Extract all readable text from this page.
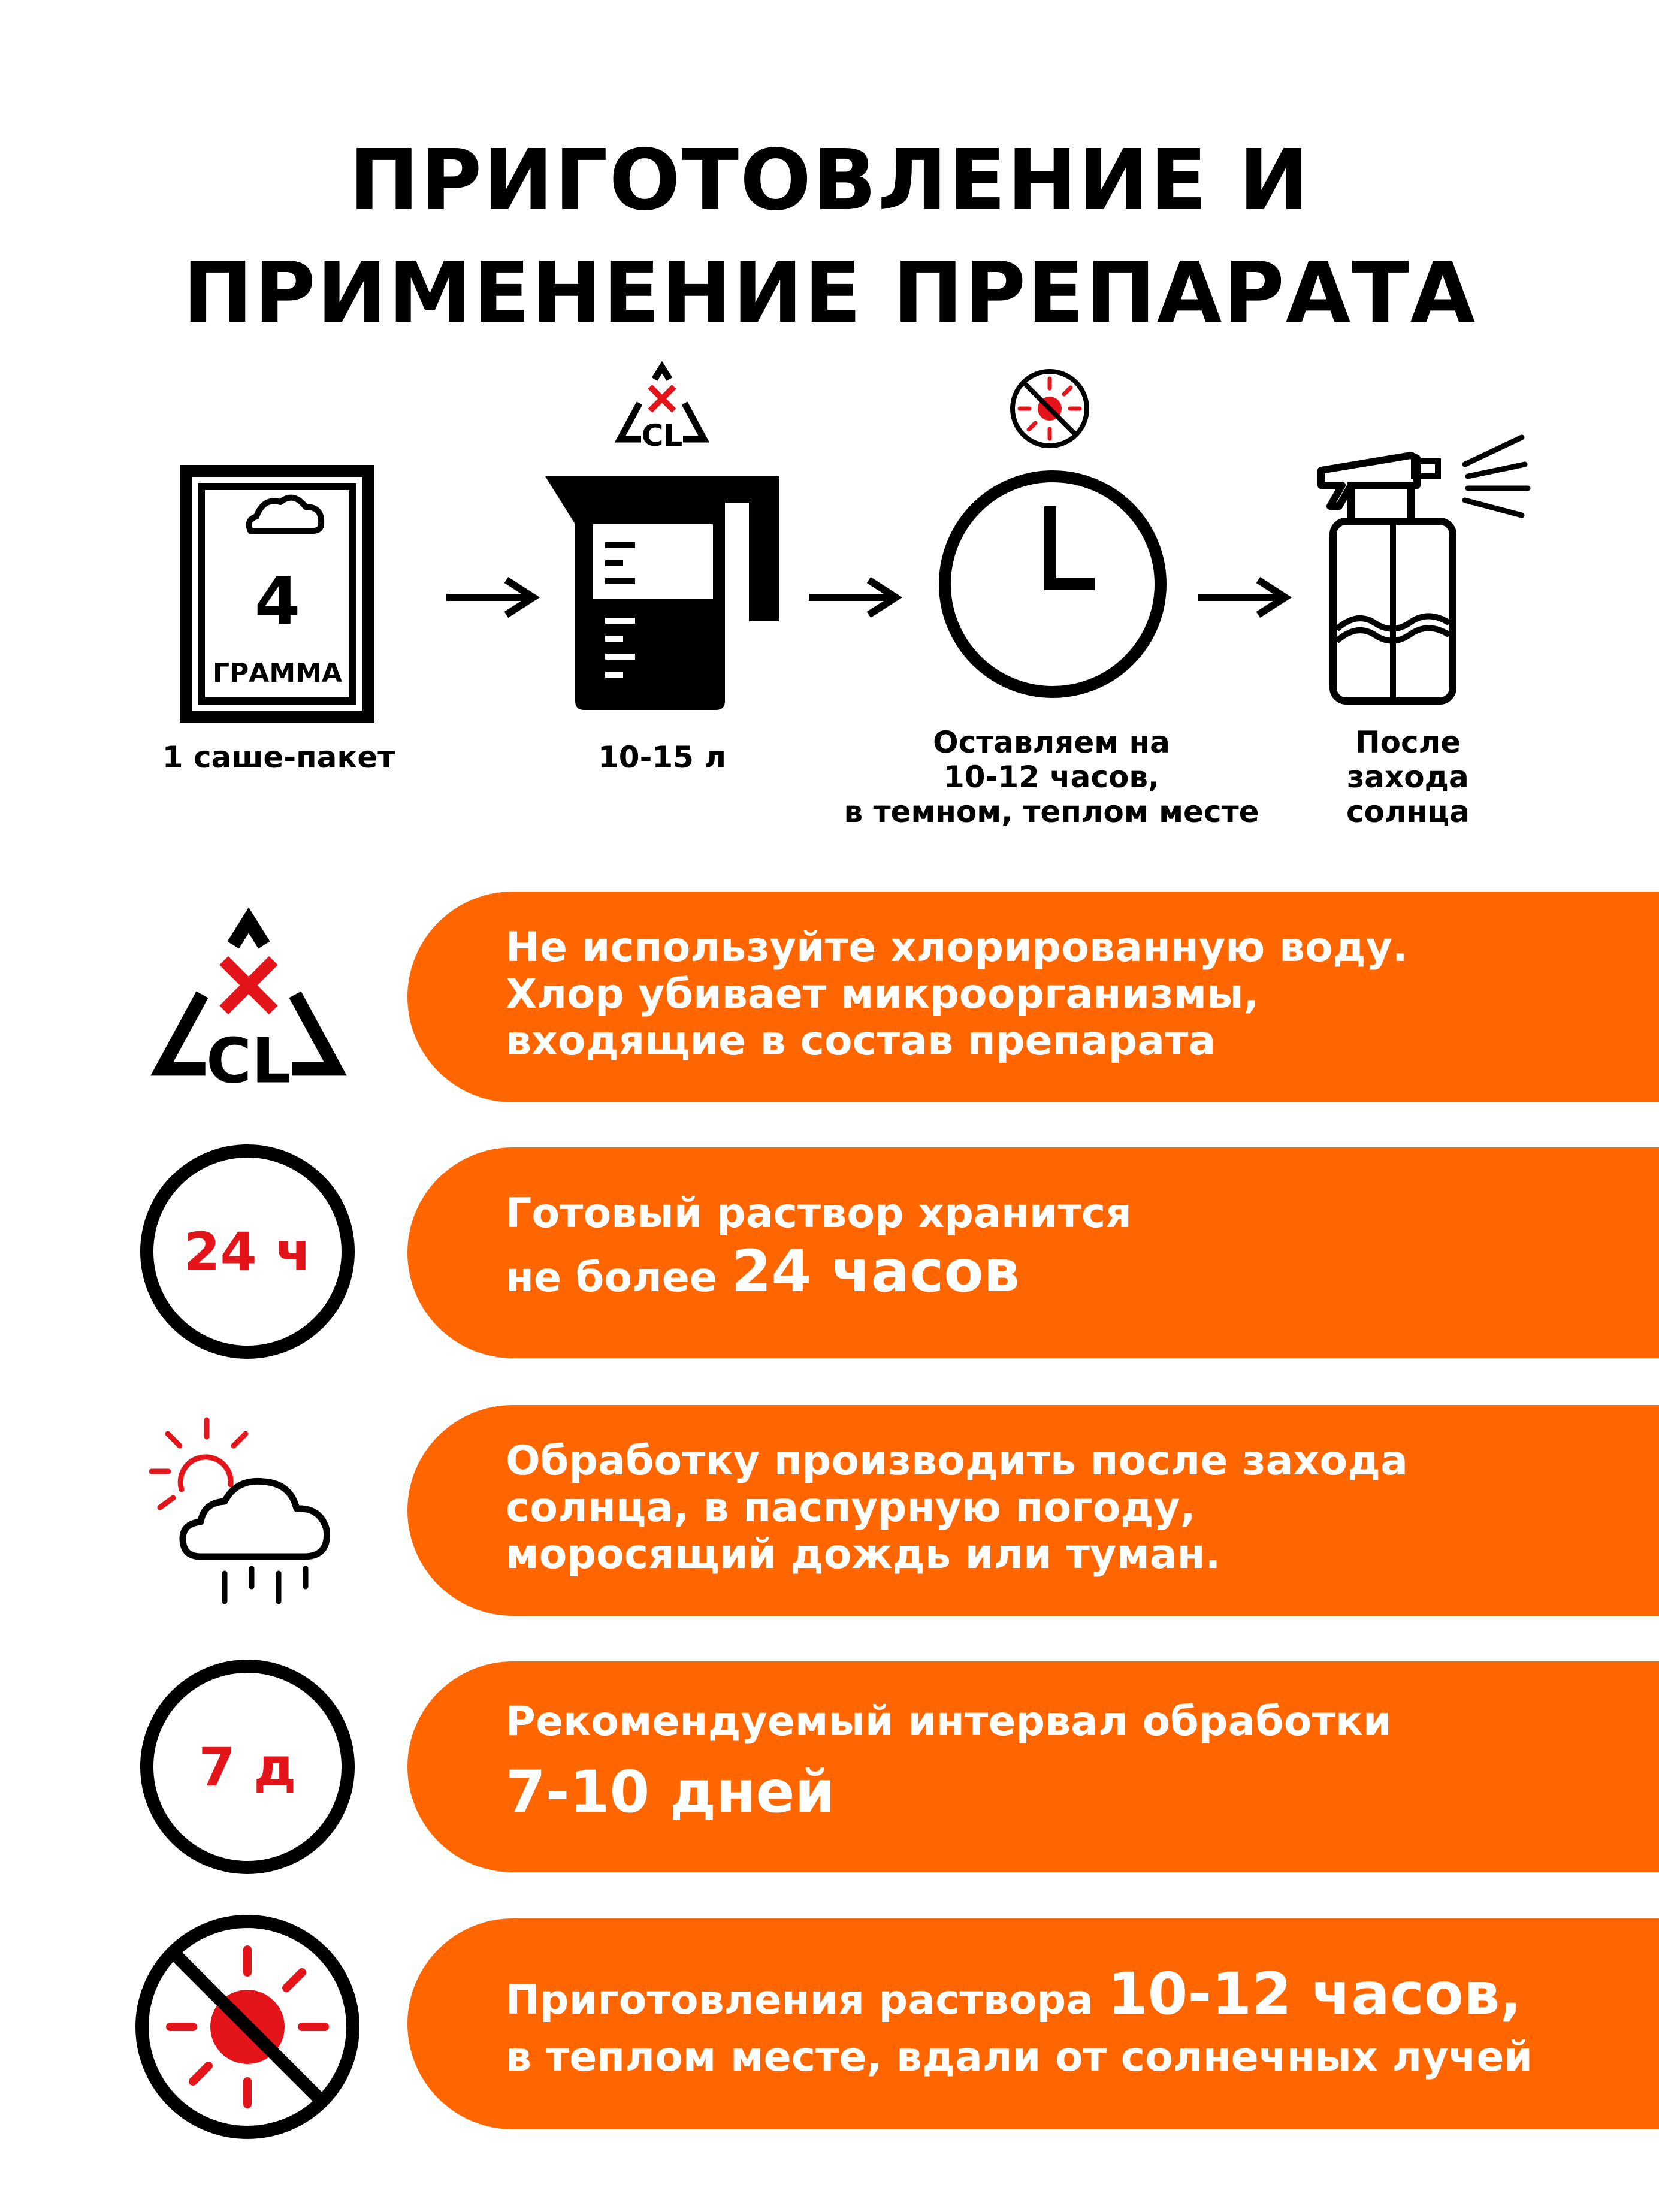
ПРИГОТОВЛЕНИЕ И
ПРИМЕНЕНИЕ ПРЕПАРАТА
4
ГРАММА
1 саше-пакет
CL
10-15 л	Оставляем на
10-12 часов,
в темном, теплом месте
После
захода
солнца
CL
Не используйте хлорированную воду.
Хлор убивает микроорганизмы,
входящие в состав препарата
24 ч
Готовый раствор хранится
не более 24 часов
Обработку производить после захода
солнца, в паспурную погоду,
моросящий дождь или туман.
7 д
Рекомендуемый интервал обработки
7-10 дней
Приготовления раствора 10-12 часов,
в теплом месте, вдали от солнечных лучей
